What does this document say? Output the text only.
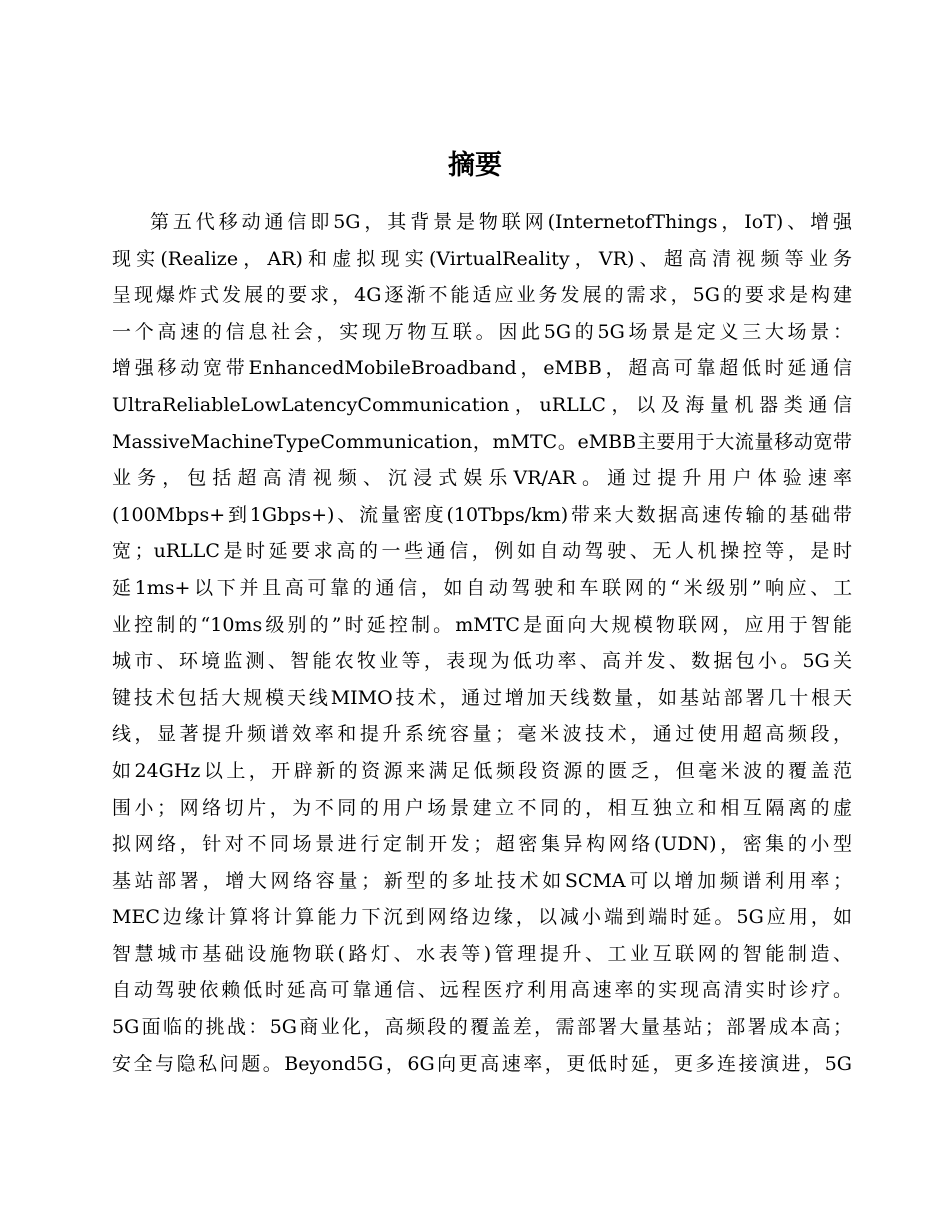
摘要
第五代移动通信即5G，其背景是物联网(InternetofThings，IoT)、增强
现实(Realize，AR)和虚拟现实(VirtualReality，VR)、超高清视频等业务
呈现爆炸式发展的要求，4G逐渐不能适应业务发展的需求，5G的要求是构建
一个高速的信息社会，实现万物互联。因此5G的5G场景是定义三大场景：
增强移动宽带EnhancedMobileBroadband，eMBB，超高可靠超低时延通信
UltraReliableLowLatencyCommunication，uRLLC，以及海量机器类通信
MassiveMachineTypeCommunication，mMTC。eMBB主要用于大流量移动宽带
业务，包括超高清视频、沉浸式娱乐VR/AR。通过提升用户体验速率
(100Mbps+到1Gbps+)、流量密度(10Tbps/km)带来大数据高速传输的基础带
宽；uRLLC是时延要求高的一些通信，例如自动驾驶、无人机操控等，是时
延1ms+以下并且高可靠的通信，如自动驾驶和车联网的“米级别”响应、工
业控制的“10ms级别的”时延控制。mMTC是面向大规模物联网，应用于智能
城市、环境监测、智能农牧业等，表现为低功率、高并发、数据包小。5G关
键技术包括大规模天线MIMO技术，通过增加天线数量，如基站部署几十根天
线，显著提升频谱效率和提升系统容量；毫米波技术，通过使用超高频段，
如24GHz以上，开辟新的资源来满足低频段资源的匮乏，但毫米波的覆盖范
围小；网络切片，为不同的用户场景建立不同的，相互独立和相互隔离的虚
拟网络，针对不同场景进行定制开发；超密集异构网络(UDN)，密集的小型
基站部署，增大网络容量；新型的多址技术如SCMA可以增加频谱利用率；
MEC边缘计算将计算能力下沉到网络边缘，以减小端到端时延。5G应用，如
智慧城市基础设施物联(路灯、水表等)管理提升、工业互联网的智能制造、
自动驾驶依赖低时延高可靠通信、远程医疗利用高速率的实现高清实时诊疗。
5G面临的挑战：5G商业化，高频段的覆盖差，需部署大量基站；部署成本高；
安全与隐私问题。Beyond5G，6G向更高速率，更低时延，更多连接演进，5G
